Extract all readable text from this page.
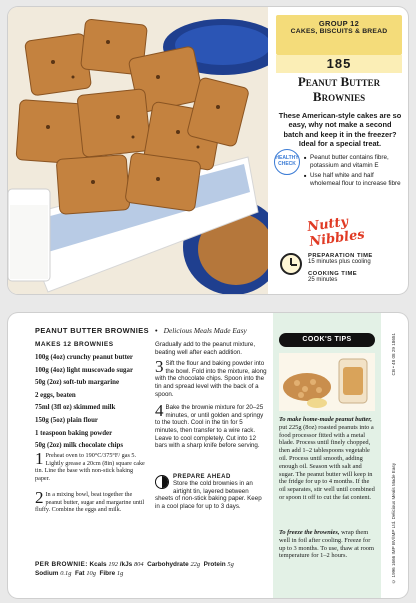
GROUP 12
CAKES, BISCUITS & BREAD
185
Peanut Butter Brownies
These American-style cakes are so easy, why not make a second batch and keep it in the freezer? Ideal for a special treat.
HEALTHY CHECK
■ Peanut butter contains fibre, potassium and vitamin E
■ Use half white and half wholemeal flour to increase fibre
Nutty Nibbles
PREPARATION TIME
15 minutes plus cooling
COOKING TIME
25 minutes
PEANUT BUTTER BROWNIES • Delicious Meals Made Easy
MAKES 12 BROWNIES
100g (4oz) crunchy peanut butter
100g (4oz) light muscovado sugar
50g (2oz) soft-tub margarine
2 eggs, beaten
75ml (3fl oz) skimmed milk
150g (5oz) plain flour
1 teaspoon baking powder
50g (2oz) milk chocolate chips
1 Preheat oven to 190°C/375°F/ gas 5. Lightly grease a 20cm (8in) square cake tin. Line the base with non-stick baking paper.
2 In a mixing bowl, beat together the peanut butter, sugar and margarine until fluffy. Combine the eggs and milk.
Gradually add to the peanut mixture, beating well after each addition.
3 Sift the flour and baking powder into the bowl. Fold into the mixture, along with the chocolate chips. Spoon into the tin and spread level with the back of a spoon.
4 Bake the brownie mixture for 20–25 minutes, or until golden and springy to the touch. Cool in the tin for 5 minutes, then transfer to a wire rack. Leave to cool completely. Cut into 12 bars with a sharp knife before serving.
PREPARE AHEAD
Store the cold brownies in an airtight tin, layered between sheets of non-stick baking paper. Keep in a cool place for up to 3 days.
PER BROWNIE: Kcals 192 /kJs 804 Carbohydrate 22g Protein 5g
Sodium 0.1g Fat 10g Fibre 1g
COOK'S TIPS
To make home-made peanut butter, put 225g (8oz) roasted peanuts into a food processor fitted with a metal blade. Process until finely chopped, then add 1–2 tablespoons vegetable oil. Process until smooth, adding enough oil. Season with salt and sugar. The peanut butter will keep in the fridge for up to 4 months. If the oil separates, stir well until combined or spoon it off to cut the fat content.
To freeze the brownies, wrap them well in foil after cooling. Freeze for up to 3 months. To use, thaw at room temperature for 1–2 hours.
CB • 48 08 29 18651
© 1996 1666 IMP BV/IMP Ltd. Delicious Meals Made Easy
